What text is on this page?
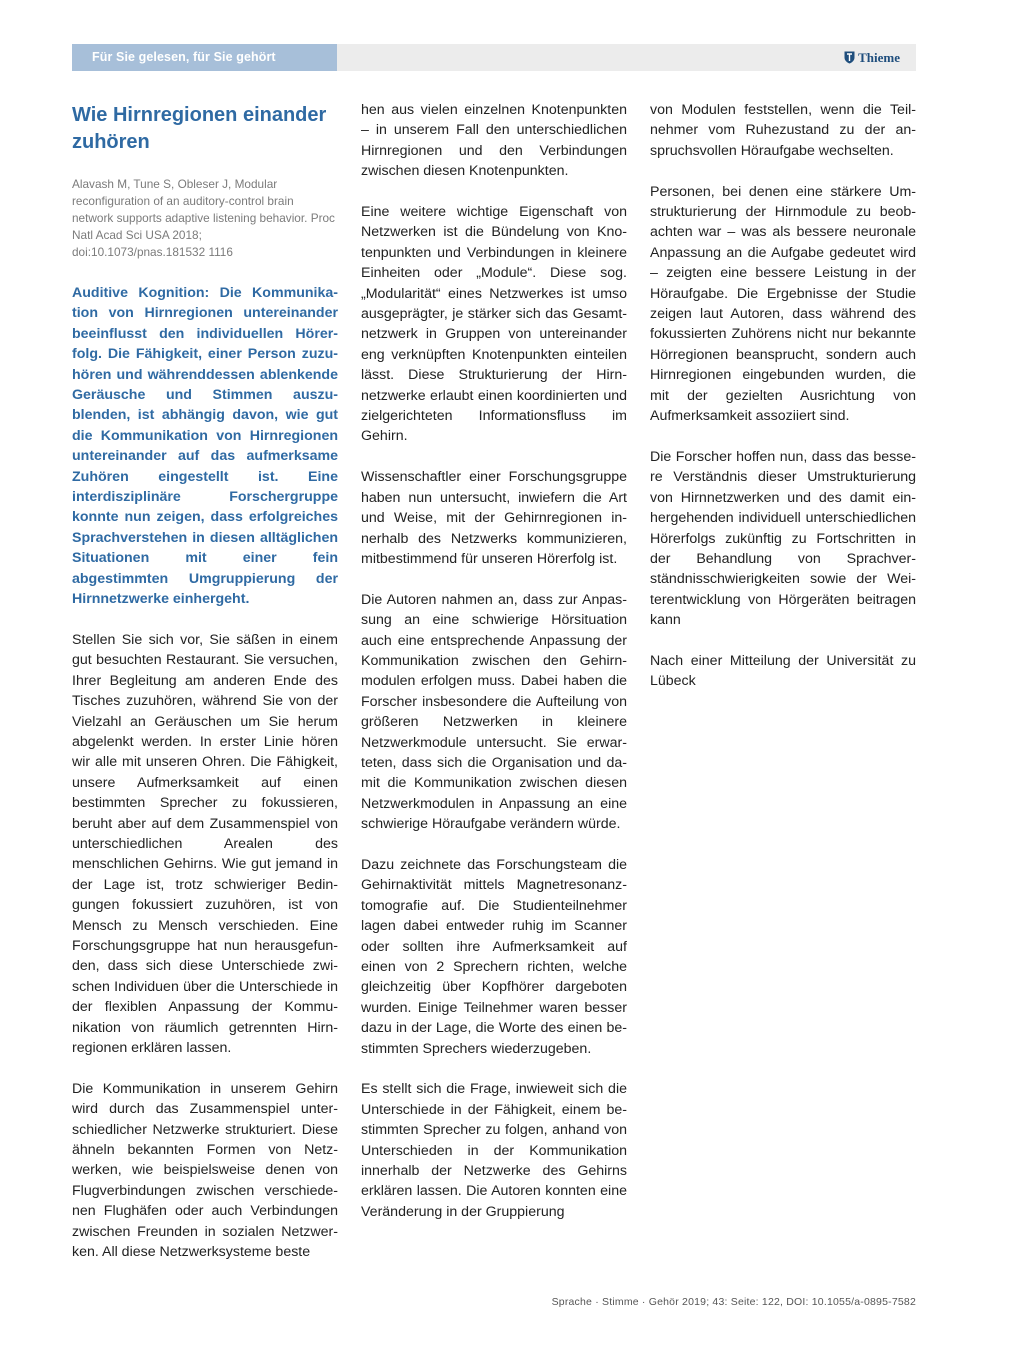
Für Sie gelesen, für Sie gehört	Thieme
Wie Hirnregionen einander zuhören
Alavash M, Tune S, Obleser J, Modular reconfiguration of an auditory-control brain network supports adaptive listening behavior. Proc Natl Acad Sci USA 2018; doi:10.1073/pnas.181532 1116

Auditive Kognition: Die Kommunikation von Hirnregionen untereinander beeinflusst den individuellen Hörerfolg. Die Fähigkeit, einer Person zuzuhören und währenddessen ablenkende Geräusche und Stimmen auszublenden, ist abhängig davon, wie gut die Kommunikation von Hirnregionen untereinander auf das aufmerksame Zuhören eingestellt ist. Eine interdisziplinäre Forschergruppe konnte nun zeigen, dass erfolgreiches Sprachverstehen in diesen alltäglichen Situationen mit einer fein abgestimmten Umgruppierung der Hirnnetzwerke einhergeht.

Stellen Sie sich vor, Sie säßen in einem gut besuchten Restaurant. Sie versuchen, Ihrer Begleitung am anderen Ende des Tisches zuzuhören, während Sie von der Vielzahl an Geräuschen um Sie herum abgelenkt werden. In erster Linie hören wir alle mit unseren Ohren. Die Fähigkeit, unsere Aufmerksamkeit auf einen bestimmten Sprecher zu fokussieren, beruht aber auf dem Zusammenspiel von unterschiedlichen Arealen des menschlichen Gehirns. Wie gut jemand in der Lage ist, trotz schwieriger Bedingungen fokussiert zuzuhören, ist von Mensch zu Mensch verschieden. Eine Forschungsgruppe hat nun herausgefunden, dass sich diese Unterschiede zwischen Individuen über die Unterschiede in der flexiblen Anpassung der Kommunikation von räumlich getrennten Hirnregionen erklären lassen.

Die Kommunikation in unserem Gehirn wird durch das Zusammenspiel unterschiedlicher Netzwerke strukturiert. Diese ähneln bekannten Formen von Netzwerken, wie beispielsweise denen von Flugverbindungen zwischen verschiedenen Flughäfen oder auch Verbindungen zwischen Freunden in sozialen Netzwerken. All diese Netzwerksysteme beste

hen aus vielen einzelnen Knotenpunkten – in unserem Fall den unterschiedlichen Hirnregionen und den Verbindungen zwischen diesen Knotenpunkten.

Eine weitere wichtige Eigenschaft von Netzwerken ist die Bündelung von Knotenpunkten und Verbindungen in kleinere Einheiten oder „Module“. Diese sog. „Modularität“ eines Netzwerkes ist umso ausgeprägter, je stärker sich das Gesamtnetzwerk in Gruppen von untereinander eng verknüpften Knotenpunkten einteilen lässt. Diese Strukturierung der Hirnnetzwerke erlaubt einen koordinierten und zielgerichteten Informationsfluss im Gehirn.

Wissenschaftler einer Forschungsgruppe haben nun untersucht, inwiefern die Art und Weise, mit der Gehirnregionen innerhalb des Netzwerks kommunizieren, mitbestimmend für unseren Hörerfolg ist.

Die Autoren nahmen an, dass zur Anpassung an eine schwierige Hörsituation auch eine entsprechende Anpassung der Kommunikation zwischen den Gehirnmodulen erfolgen muss. Dabei haben die Forscher insbesondere die Aufteilung von größeren Netzwerken in kleinere Netzwerkmodule untersucht. Sie erwarteten, dass sich die Organisation und damit die Kommunikation zwischen diesen Netzwerkmodulen in Anpassung an eine schwierige Höraufgabe verändern würde.

Dazu zeichnete das Forschungsteam die Gehirnaktivität mittels Magnetresonanztomografie auf. Die Studienteilnehmer lagen dabei entweder ruhig im Scanner oder sollten ihre Aufmerksamkeit auf einen von 2 Sprechern richten, welche gleichzeitig über Kopfhörer dargeboten wurden. Einige Teilnehmer waren besser dazu in der Lage, die Worte des einen bestimmten Sprechers wiederzugeben.

Es stellt sich die Frage, inwieweit sich die Unterschiede in der Fähigkeit, einem bestimmten Sprecher zu folgen, anhand von Unterschieden in der Kommunikation innerhalb der Netzwerke des Gehirns erklären lassen. Die Autoren konnten eine Veränderung in der Gruppierung

von Modulen feststellen, wenn die Teilnehmer vom Ruhezustand zu der anspruchsvollen Höraufgabe wechselten.

Personen, bei denen eine stärkere Umstrukturierung der Hirnmodule zu beobachten war – was als bessere neuronale Anpassung an die Aufgabe gedeutet wird – zeigten eine bessere Leistung in der Höraufgabe. Die Ergebnisse der Studie zeigen laut Autoren, dass während des fokussierten Zuhörens nicht nur bekannte Hörregionen beansprucht, sondern auch Hirnregionen eingebunden wurden, die mit der gezielten Ausrichtung von Aufmerksamkeit assoziiert sind.

Die Forscher hoffen nun, dass das bessere Verständnis dieser Umstrukturierung von Hirnnetzwerken und des damit einhergehenden individuell unterschiedlichen Hörerfolgs zukünftig zu Fortschritten in der Behandlung von Sprachverständnisschwierigkeiten sowie der Weiterentwicklung von Hörgeräten beitragen kann

Nach einer Mitteilung der Universität zu Lübeck

Sprache · Stimme · Gehör 2019; 43: Seite: 122, DOI: 10.1055/a-0895-7582
